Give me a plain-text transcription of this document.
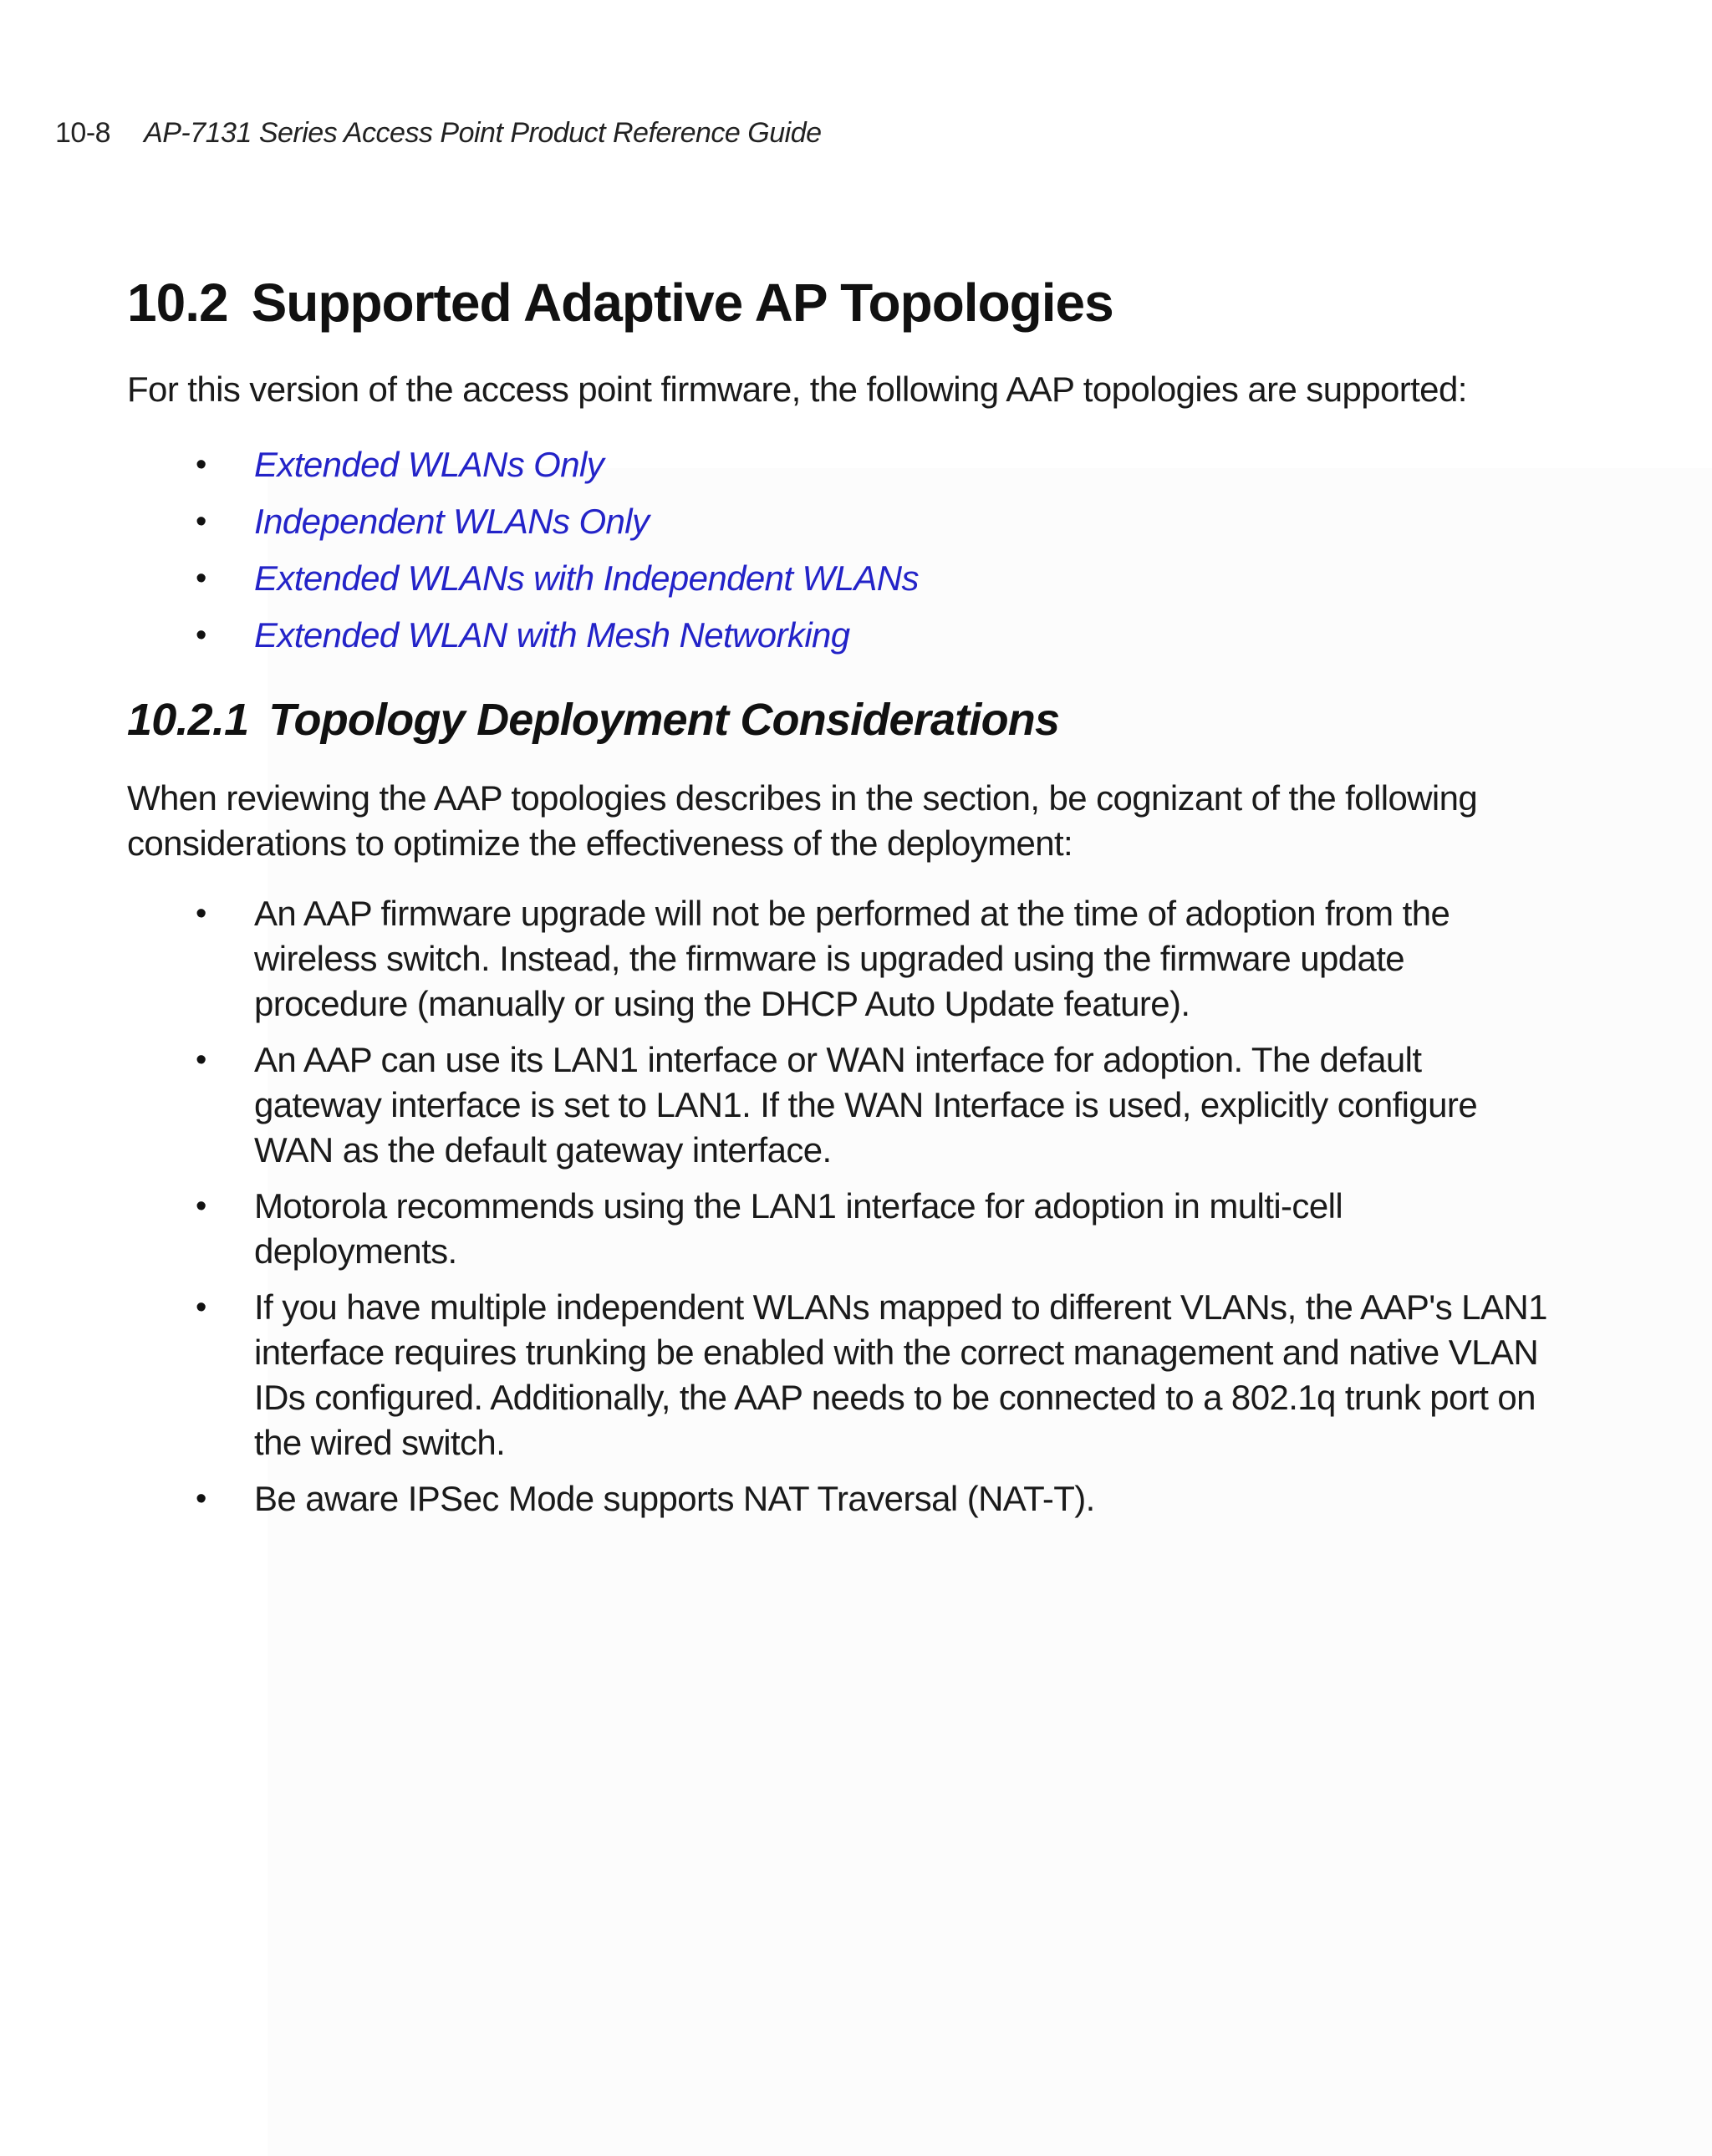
10-8 AP-7131 Series Access Point Product Reference Guide
10.2 Supported Adaptive AP Topologies

For this version of the access point firmware, the following AAP topologies are supported:

• Extended WLANs Only
• Independent WLANs Only
• Extended WLANs with Independent WLANs
• Extended WLAN with Mesh Networking
10.2.1 Topology Deployment Considerations

When reviewing the AAP topologies describes in the section, be cognizant of the following considerations to optimize the effectiveness of the deployment:

• An AAP firmware upgrade will not be performed at the time of adoption from the wireless switch. Instead, the firmware is upgraded using the firmware update procedure (manually or using the DHCP Auto Update feature).
• An AAP can use its LAN1 interface or WAN interface for adoption. The default gateway interface is set to LAN1. If the WAN Interface is used, explicitly configure WAN as the default gateway interface.
• Motorola recommends using the LAN1 interface for adoption in multi-cell deployments.
• If you have multiple independent WLANs mapped to different VLANs, the AAP's LAN1 interface requires trunking be enabled with the correct management and native VLAN IDs configured. Additionally, the AAP needs to be connected to a 802.1q trunk port on the wired switch.
• Be aware IPSec Mode supports NAT Traversal (NAT-T).
